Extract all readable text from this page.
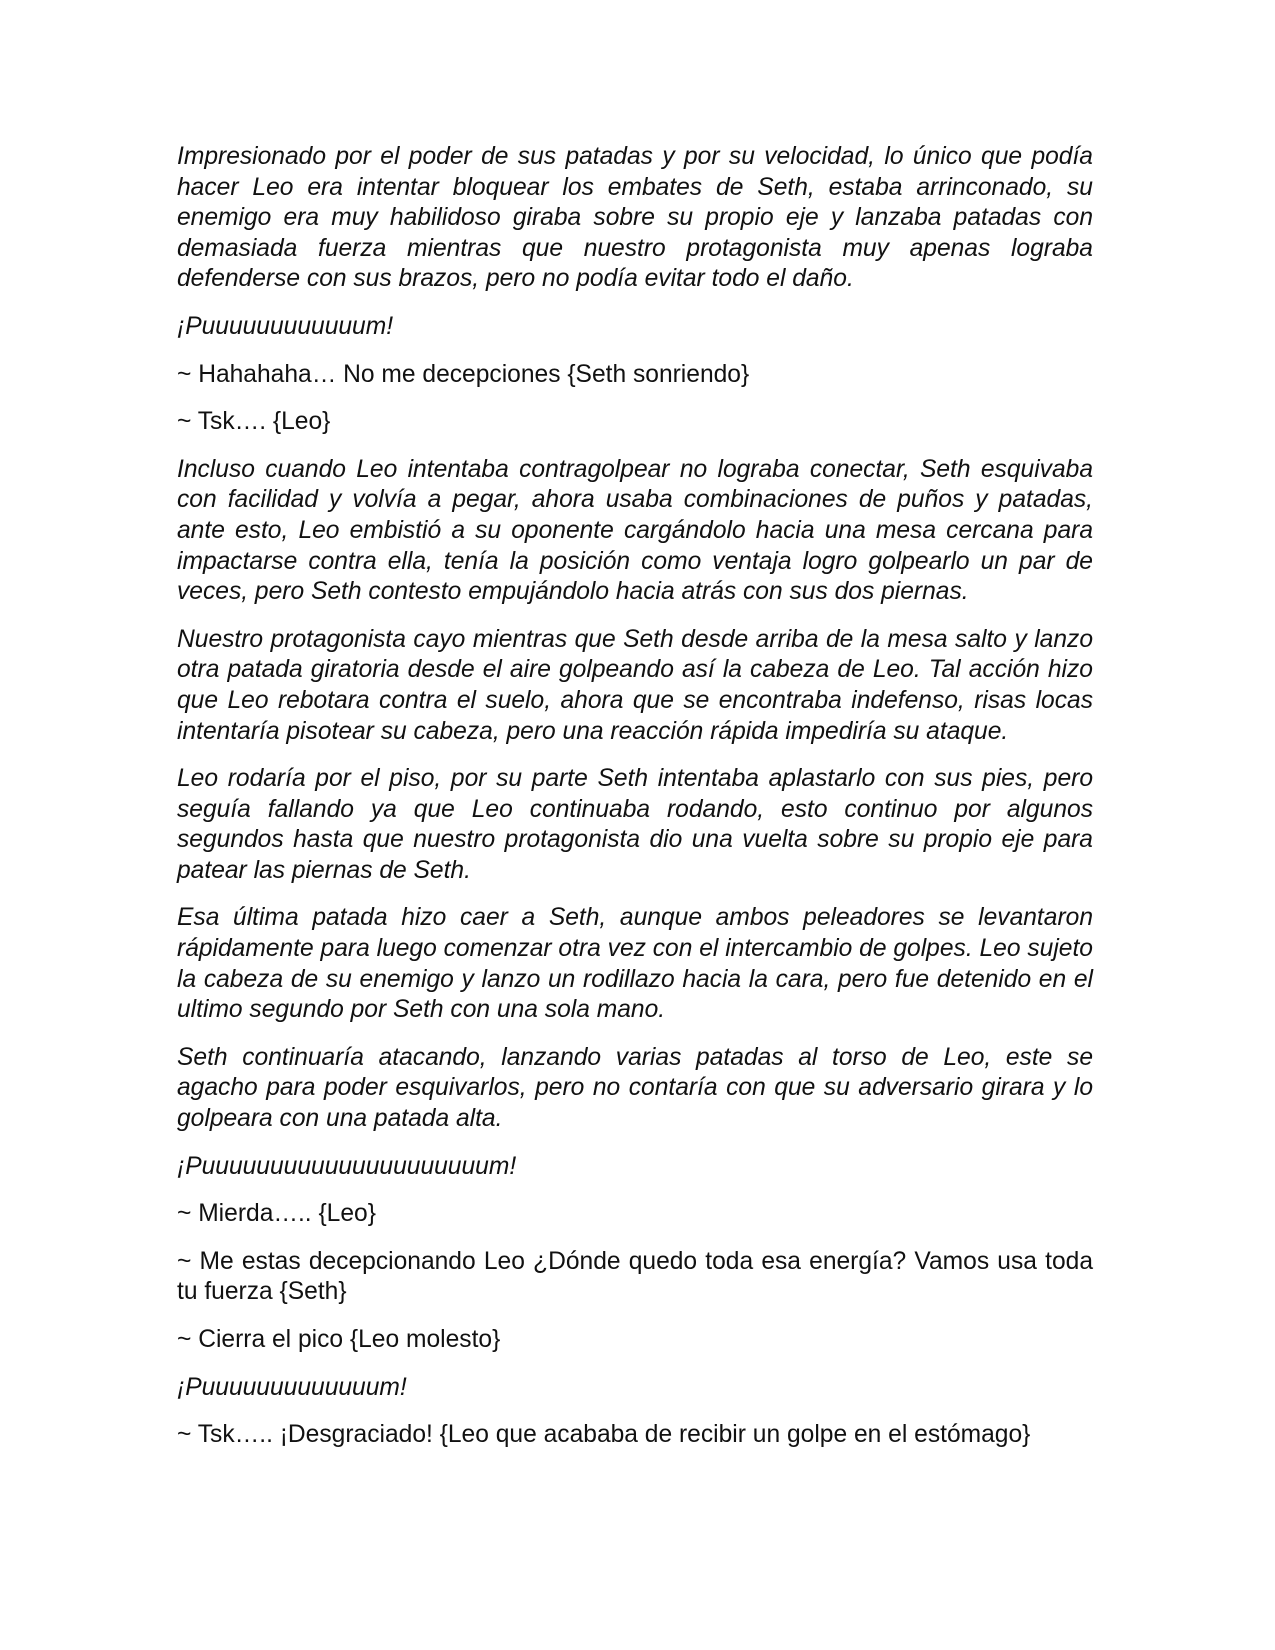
Impresionado por el poder de sus patadas y por su velocidad, lo único que podía hacer Leo era intentar bloquear los embates de Seth, estaba arrinconado, su enemigo era muy habilidoso giraba sobre su propio eje y lanzaba patadas con demasiada fuerza mientras que nuestro protagonista muy apenas lograba defenderse con sus brazos, pero no podía evitar todo el daño.

¡Puuuuuuuuuuuum!

~ Hahahaha… No me decepciones {Seth sonriendo}

~ Tsk…. {Leo}

Incluso cuando Leo intentaba contragolpear no lograba conectar, Seth esquivaba con facilidad y volvía a pegar, ahora usaba combinaciones de puños y patadas, ante esto, Leo embistió a su oponente cargándolo hacia una mesa cercana para impactarse contra ella, tenía la posición como ventaja logro golpearlo un par de veces, pero Seth contesto empujándolo hacia atrás con sus dos piernas.

Nuestro protagonista cayo mientras que Seth desde arriba de la mesa salto y lanzo otra patada giratoria desde el aire golpeando así la cabeza de Leo. Tal acción hizo que Leo rebotara contra el suelo, ahora que se encontraba indefenso, risas locas intentaría pisotear su cabeza, pero una reacción rápida impediría su ataque.

Leo rodaría por el piso, por su parte Seth intentaba aplastarlo con sus pies, pero seguía fallando ya que Leo continuaba rodando, esto continuo por algunos segundos hasta que nuestro protagonista dio una vuelta sobre su propio eje para patear las piernas de Seth.

Esa última patada hizo caer a Seth, aunque ambos peleadores se levantaron rápidamente para luego comenzar otra vez con el intercambio de golpes. Leo sujeto la cabeza de su enemigo y lanzo un rodillazo hacia la cara, pero fue detenido en el ultimo segundo por Seth con una sola mano.

Seth continuaría atacando, lanzando varias patadas al torso de Leo, este se agacho para poder esquivarlos, pero no contaría con que su adversario girara y lo golpeara con una patada alta.

¡Puuuuuuuuuuuuuuuuuuuuum!

~ Mierda….. {Leo}

~ Me estas decepcionando Leo ¿Dónde quedo toda esa energía? Vamos usa toda tu fuerza {Seth}

~ Cierra el pico {Leo molesto}

¡Puuuuuuuuuuuuum!

~ Tsk….. ¡Desgraciado! {Leo que acababa de recibir un golpe en el estómago}
